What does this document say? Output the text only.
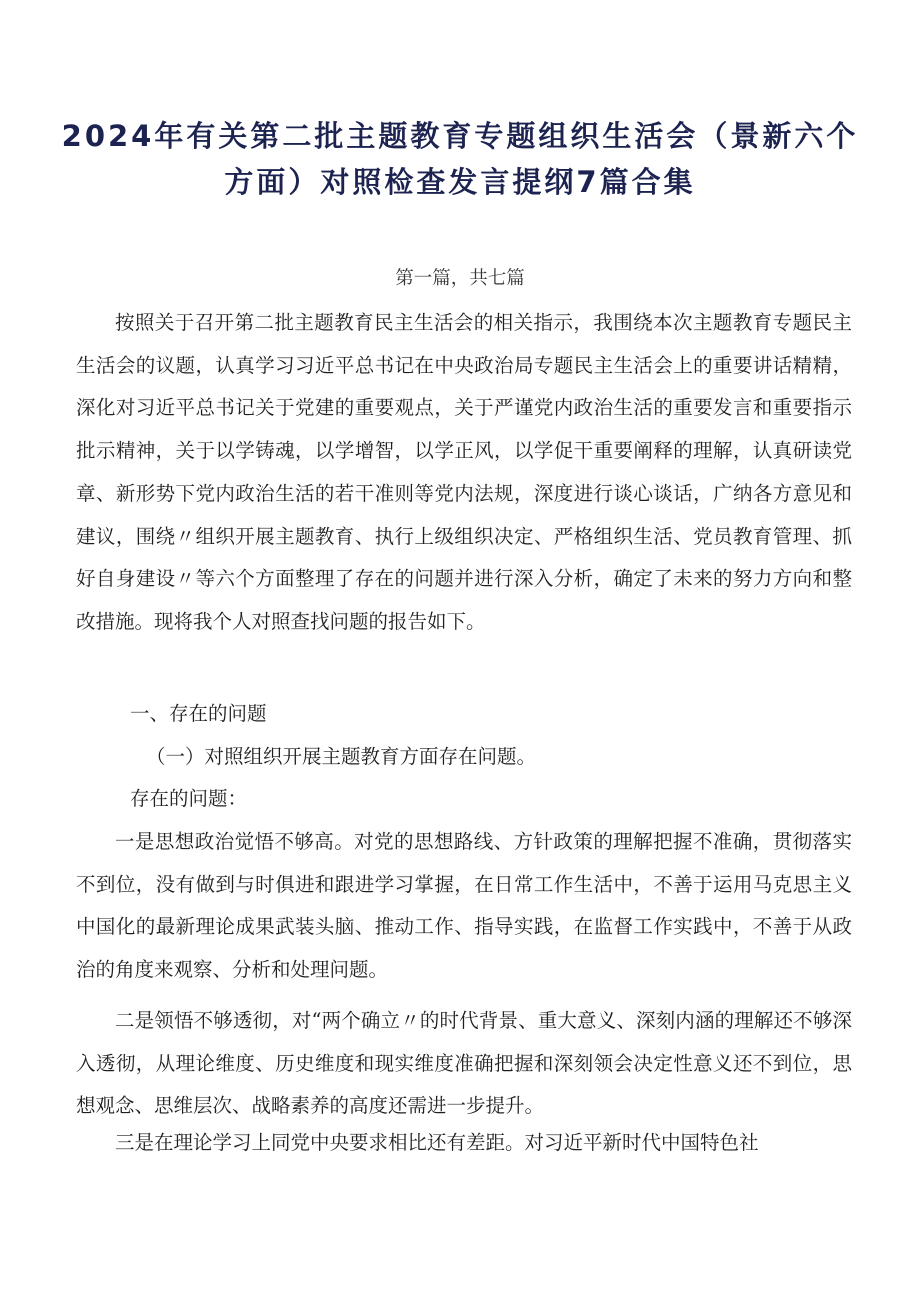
2024年有关第二批主题教育专题组织生活会（景新六个
方面）对照检查发言提纲7篇合集
第一篇，共七篇

按照关于召开第二批主题教育民主生活会的相关指示，我围绕本次主题教育专题民主生活会的议题，认真学习习近平总书记在中央政治局专题民主生活会上的重要讲话精精，深化对习近平总书记关于党建的重要观点，关于严谨党内政治生活的重要发言和重要指示批示精神，关于以学铸魂，以学增智，以学正风，以学促干重要阐释的理解，认真研读党章、新形势下党内政治生活的若干准则等党内法规，深度进行谈心谈话，广纳各方意见和建议，围绕〃组织开展主题教育、执行上级组织决定、严格组织生活、党员教育管理、抓好自身建设〃等六个方面整理了存在的问题并进行深入分析，确定了未来的努力方向和整改措施。现将我个人对照查找问题的报告如下。

一、存在的问题

（一）对照组织开展主题教育方面存在问题。

存在的问题：

一是思想政治觉悟不够高。对党的思想路线、方针政策的理解把握不准确，贯彻落实不到位，没有做到与时俱进和跟进学习掌握，在日常工作生活中，不善于运用马克思主义中国化的最新理论成果武装头脑、推动工作、指导实践，在监督工作实践中，不善于从政治的角度来观察、分析和处理问题。

二是领悟不够透彻，对“两个确立〃的时代背景、重大意义、深刻内涵的理解还不够深入透彻，从理论维度、历史维度和现实维度准确把握和深刻领会决定性意义还不到位，思想观念、思维层次、战略素养的高度还需进一步提升。

三是在理论学习上同党中央要求相比还有差距。对习近平新时代中国特色社
